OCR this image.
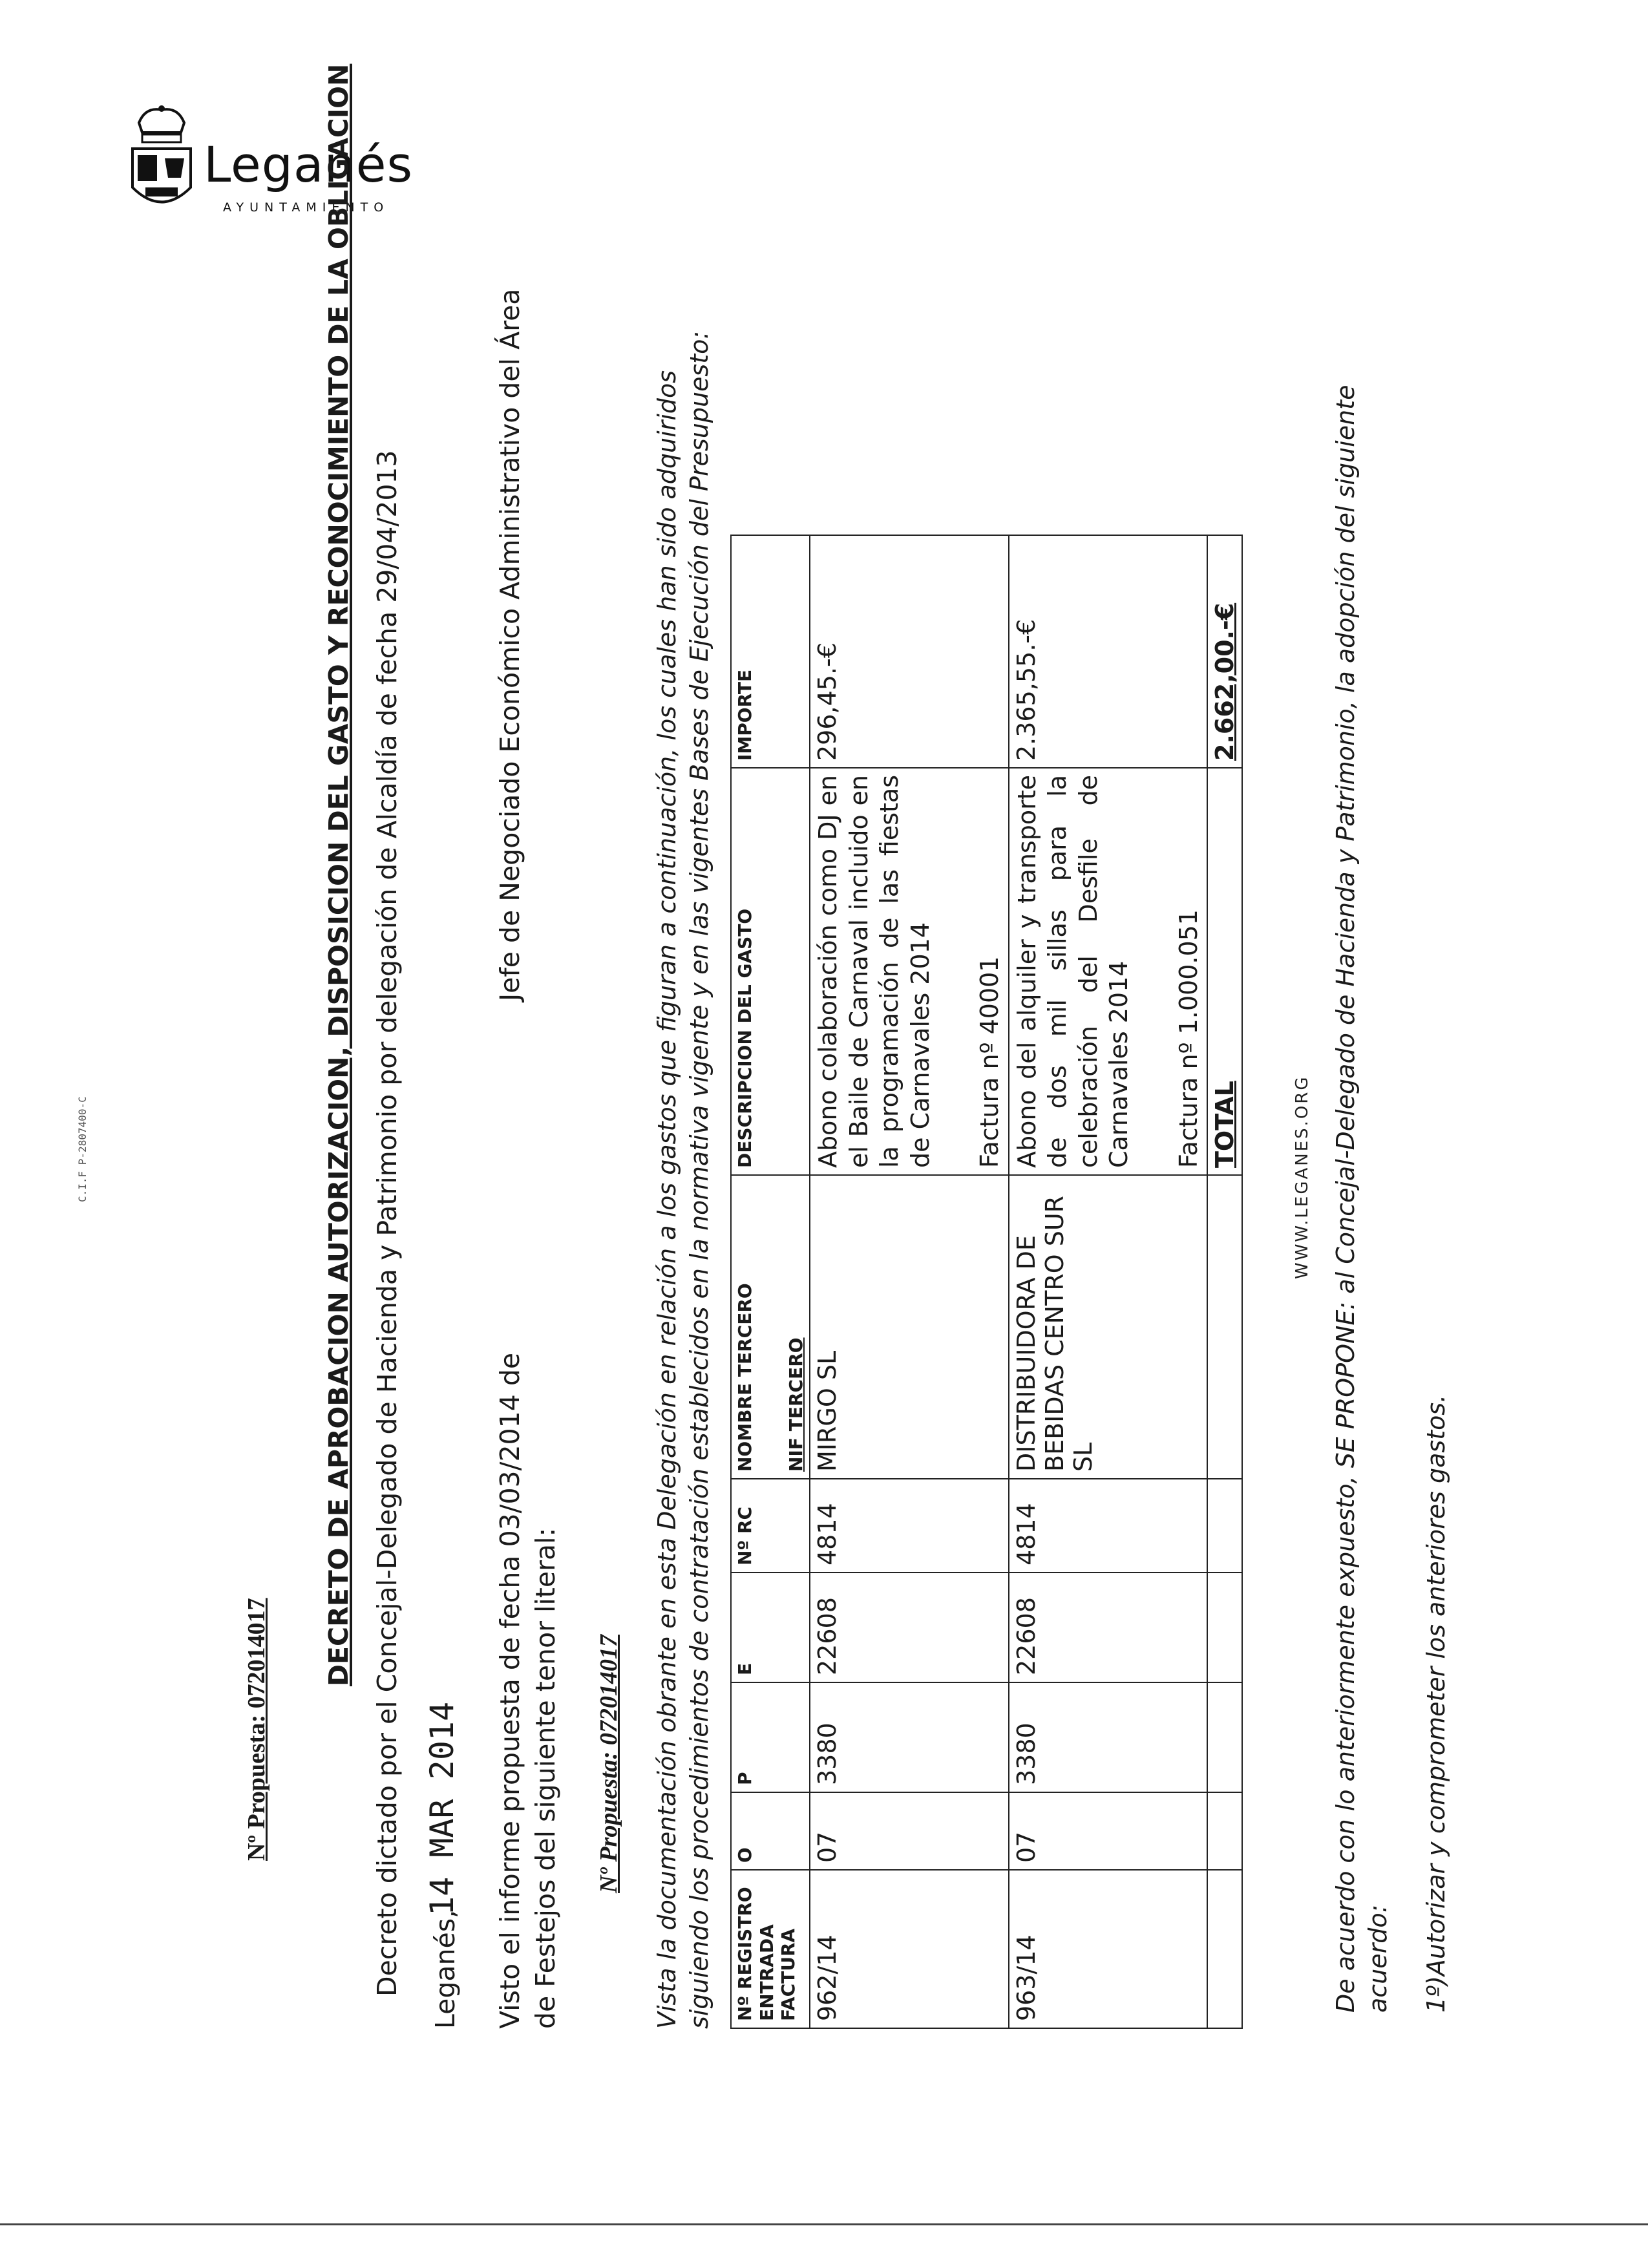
Leganés
AYUNTAMIENTO
C.I.F P-2807400-C
Nº Propuesta: 072014017
DECRETO DE APROBACION AUTORIZACION, DISPOSICION DEL GASTO Y RECONOCIMIENTO DE LA OBLIGACION Decreto dictado por el Concejal-Delegado de Hacienda y Patrimonio por delegación de Alcaldía de fecha 29/04/2013 Leganés,
14 MAR 2014 Visto el informe propuesta de fecha 03/03/2014 de
Jefe de Negociado Económico Administrativo del Área
de Festejos del siguiente tenor literal: Nº Propuesta: 072014017 Vista la documentación obrante en esta Delegación en relación a los gastos que figuran a continuación, los cuales han sido adquiridos siguiendo los procedimientos de contratación establecidos en la normativa vigente y en las vigentes Bases de Ejecución del Presupuesto: Nº REGISTRO ENTRADA FACTURA	O	P	E	Nº RC	NOMBRE TERCERO NIF TERCERO	DESCRIPCION DEL GASTO	IMPORTE
962/14	07	3380	22608	4814	MIRGO SL	Abono colaboración como DJ en el Baile de Carnaval incluido en la programación de las fiestas de Carnavales 2014 Factura nº 40001	296,45.-€
963/14	07	3380	22608	4814	DISTRIBUIDORA DE BEBIDAS CENTRO SUR SL	Abono del alquiler y transporte de dos mil sillas para la celebración del Desfile de Carnavales 2014 Factura nº 1.000.051	2.365,55.-€
						TOTAL	2.662,00.-€
WWW.LEGANES.ORG De acuerdo con lo anteriormente expuesto, SE PROPONE: al Concejal-Delegado de Hacienda y Patrimonio, la adopción del siguiente acuerdo: 1º)Autorizar y comprometer los anteriores gastos.
